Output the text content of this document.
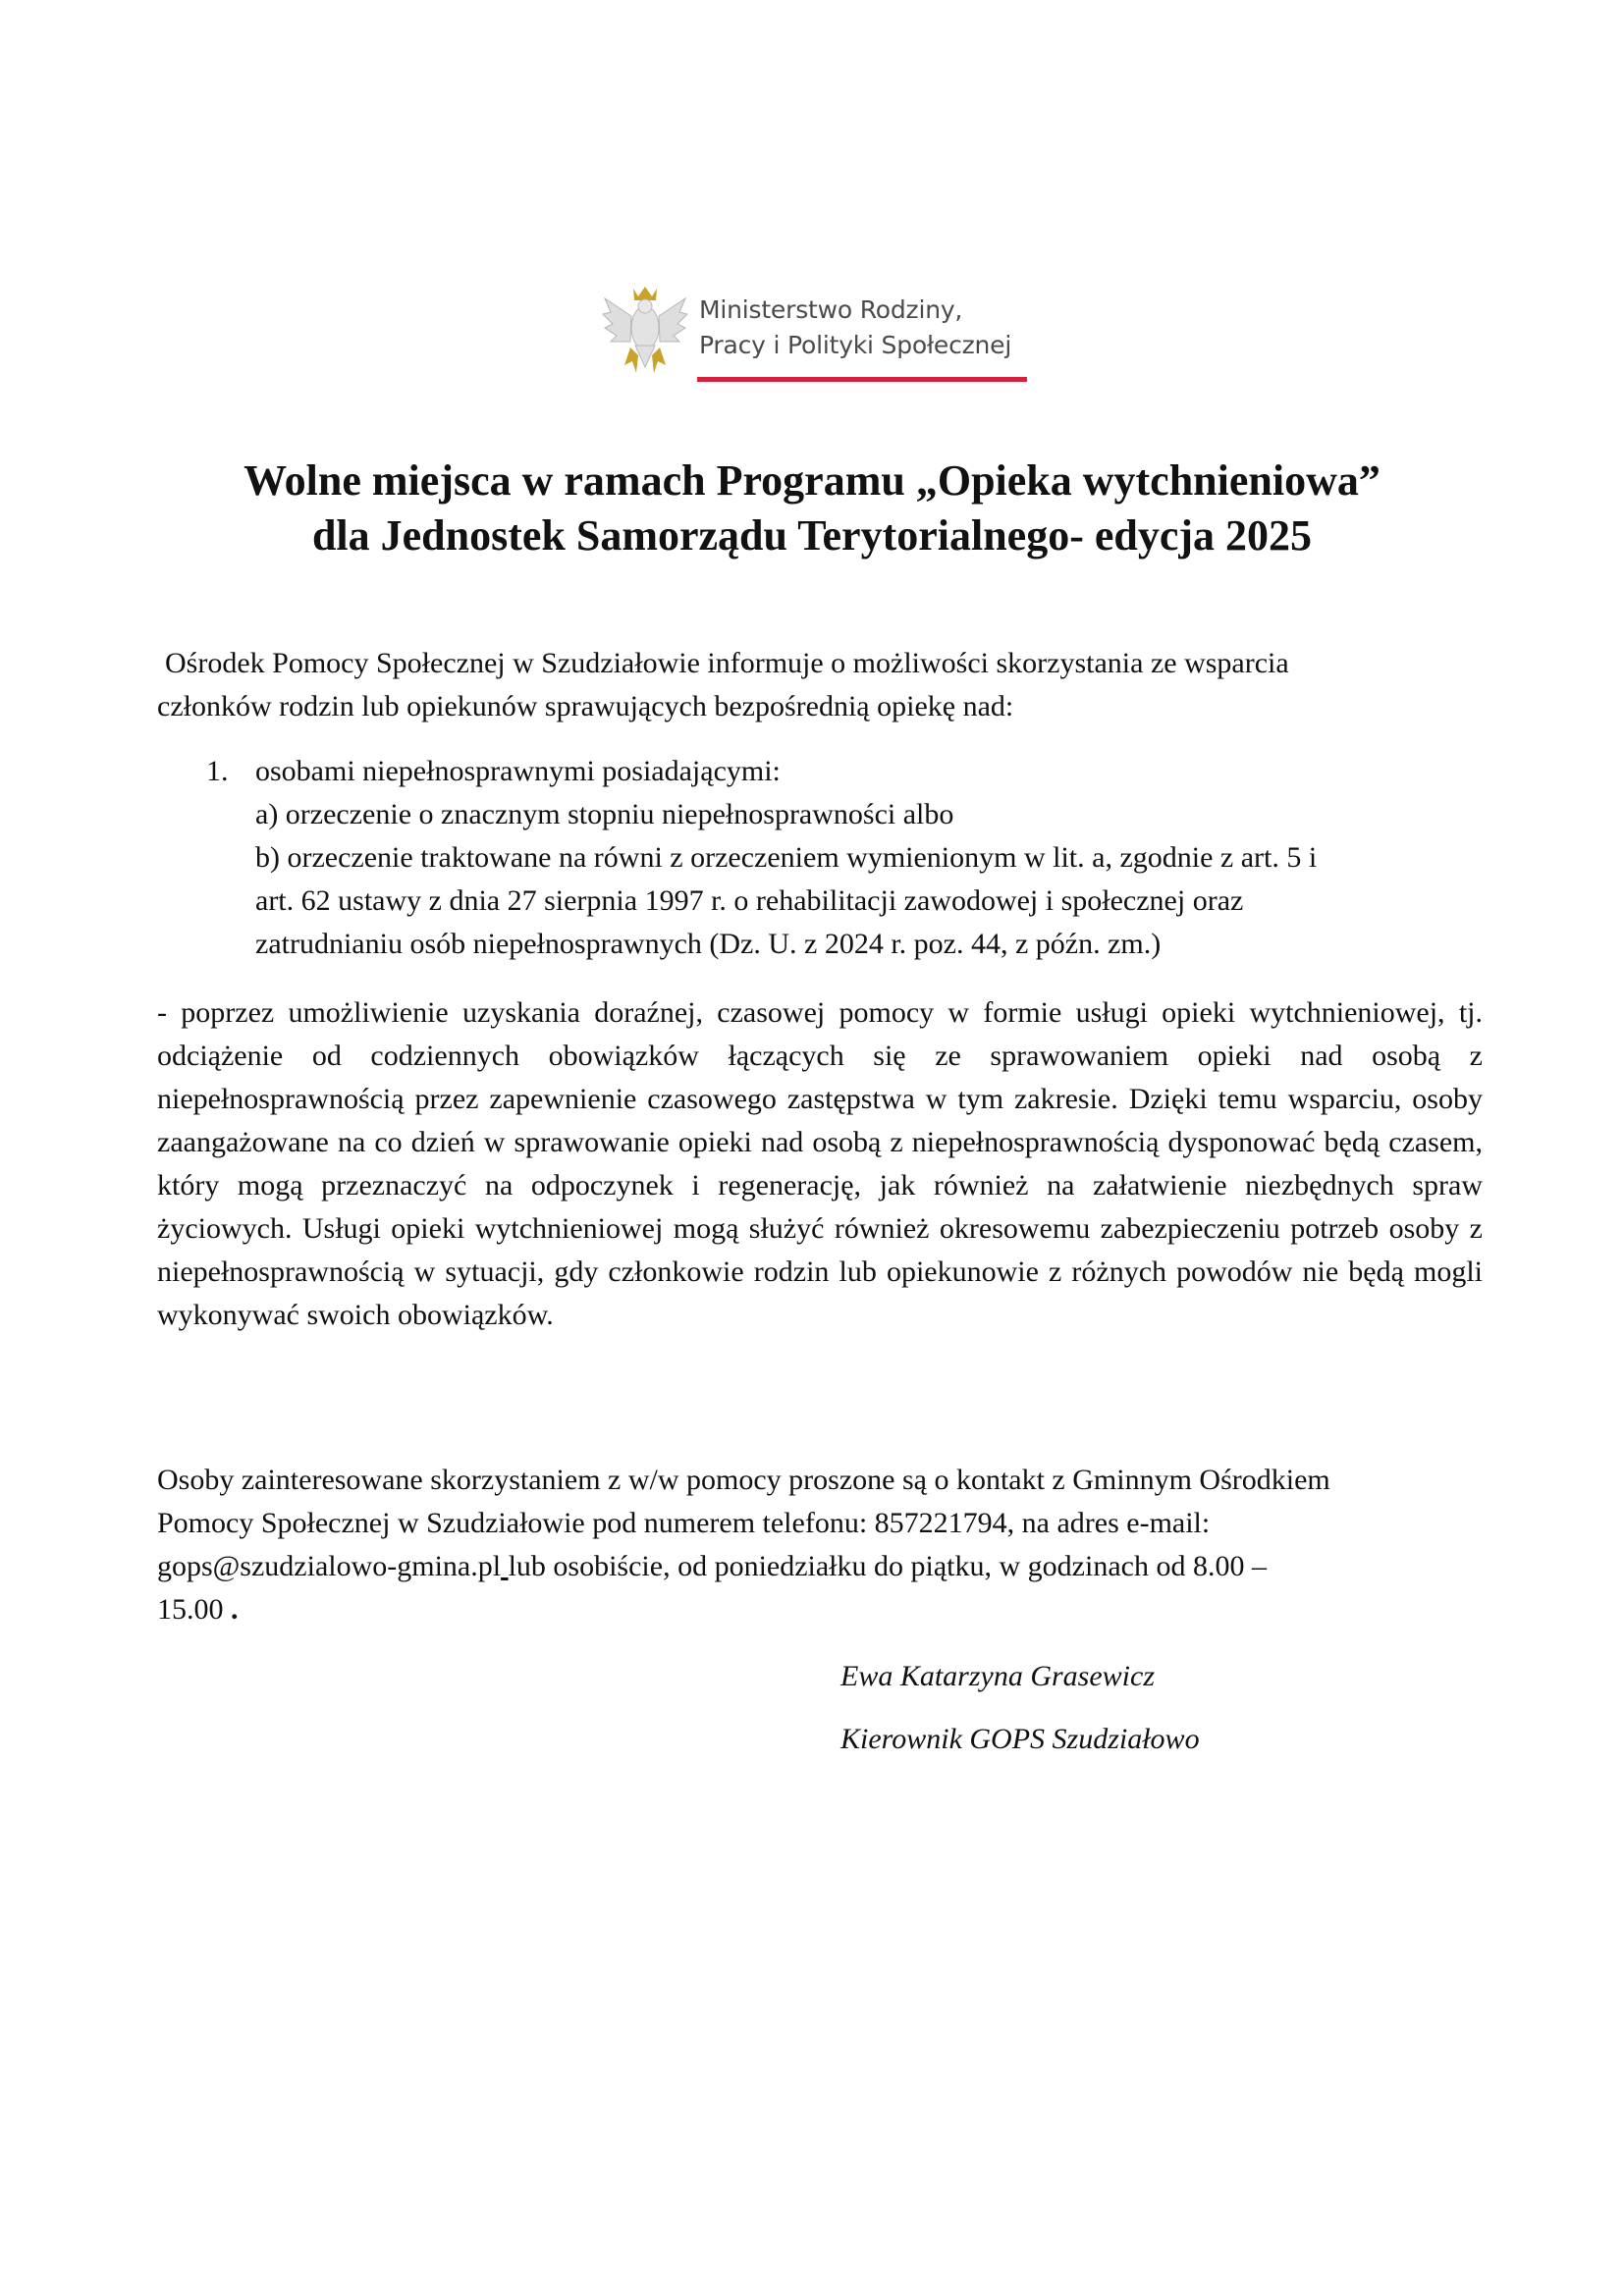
Ministerstwo Rodziny,
Pracy i Polityki Społecznej
Wolne miejsca w ramach Programu „Opieka wytchnieniowa”
dla Jednostek Samorządu Terytorialnego- edycja 2025
Ośrodek Pomocy Społecznej w Szudziałowie informuje o możliwości skorzystania ze wsparcia
członków rodzin lub opiekunów sprawujących bezpośrednią opiekę nad:
1. osobami niepełnosprawnymi posiadającymi:
a) orzeczenie o znacznym stopniu niepełnosprawności albo
b) orzeczenie traktowane na równi z orzeczeniem wymienionym w lit. a, zgodnie z art. 5 i
art. 62 ustawy z dnia 27 sierpnia 1997 r. o rehabilitacji zawodowej i społecznej oraz
zatrudnianiu osób niepełnosprawnych (Dz. U. z 2024 r. poz. 44, z późn. zm.)

- poprzez umożliwienie uzyskania doraźnej, czasowej pomocy w formie usługi opieki wytchnieniowej, tj. odciążenie od codziennych obowiązków łączących się ze sprawowaniem opieki nad osobą z niepełnosprawnością przez zapewnienie czasowego zastępstwa w tym zakresie. Dzięki temu wsparciu, osoby zaangażowane na co dzień w sprawowanie opieki nad osobą z niepełnosprawnością dysponować będą czasem, który mogą przeznaczyć na odpoczynek i regenerację, jak również na załatwienie niezbędnych spraw życiowych. Usługi opieki wytchnieniowej mogą służyć również okresowemu zabezpieczeniu potrzeb osoby z niepełnosprawnością w sytuacji, gdy członkowie rodzin lub opiekunowie z różnych powodów nie będą mogli wykonywać swoich obowiązków.

Osoby zainteresowane skorzystaniem z w/w pomocy proszone są o kontakt z Gminnym Ośrodkiem
Pomocy Społecznej w Szudziałowie pod numerem telefonu: 857221794, na adres e-mail:
gops@szudzialowo-gmina.pl lub osobiście, od poniedziałku do piątku, w godzinach od 8.00 –
15.00 .
Ewa Katarzyna Grasewicz
Kierownik GOPS Szudziałowo
